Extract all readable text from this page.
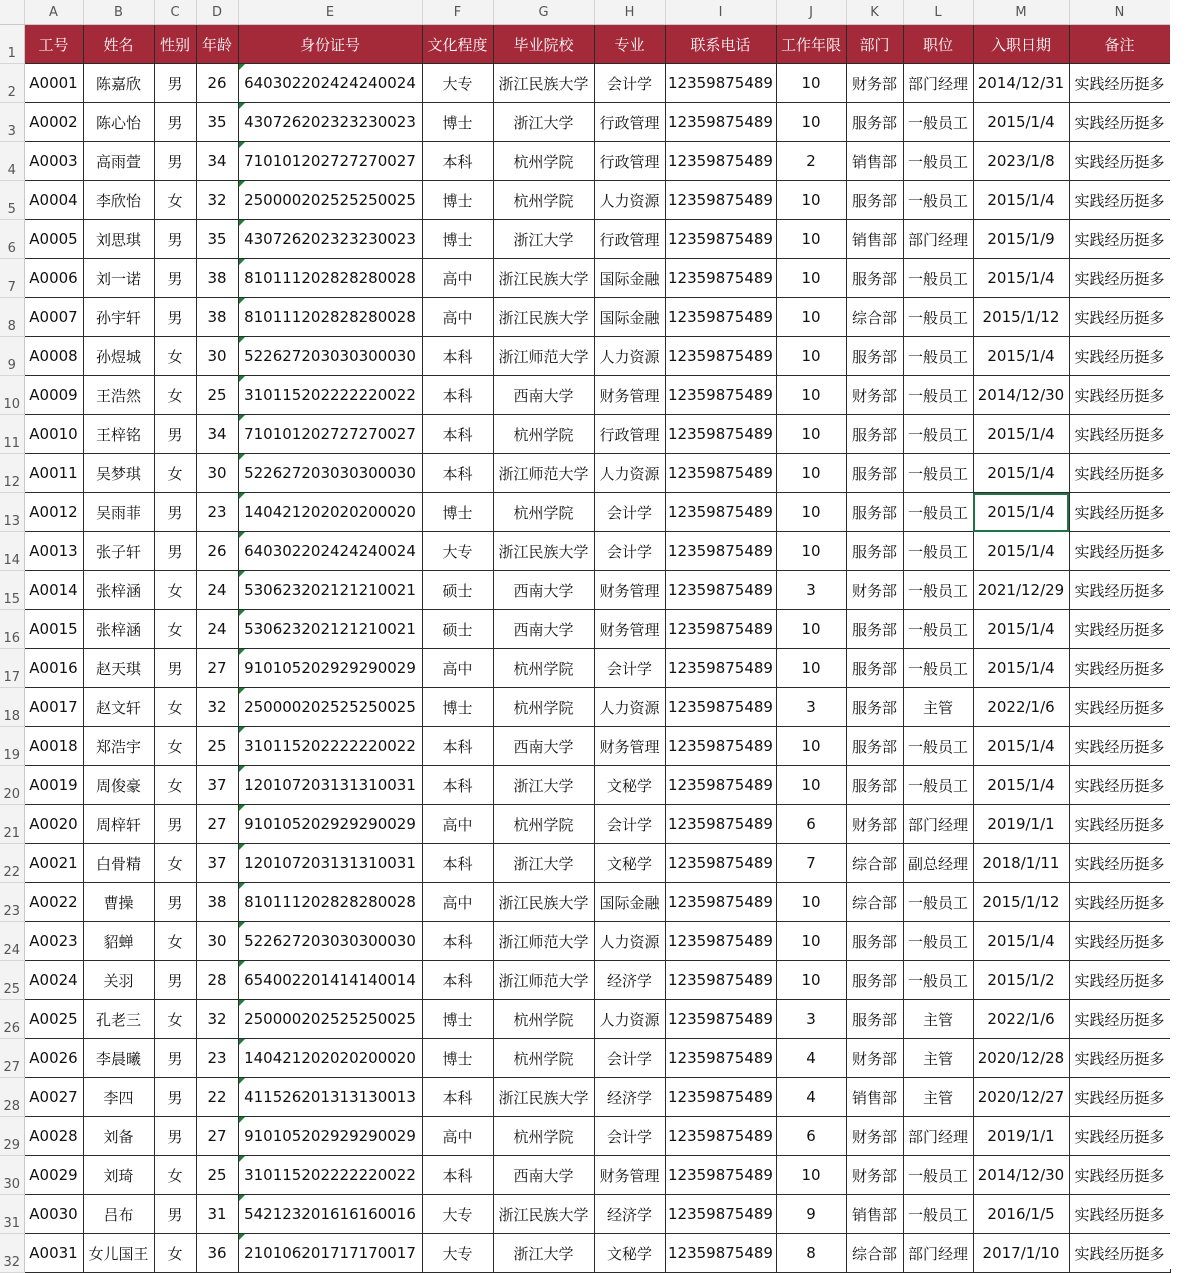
	A	B	C	D	E	F	G	H	I	J	K	L	M	N
1	工号	姓名	性别	年龄	身份证号	文化程度	毕业院校	专业	联系电话	工作年限	部门	职位	入职日期	备注
2	A0001	陈嘉欣	男	26	640302202424240024	大专	浙江民族大学	会计学	12359875489	10	财务部	部门经理	2014/12/31	实践经历挺多
3	A0002	陈心怡	男	35	430726202323230023	博士	浙江大学	行政管理	12359875489	10	服务部	一般员工	2015/1/4	实践经历挺多
4	A0003	高雨萱	男	34	710101202727270027	本科	杭州学院	行政管理	12359875489	2	销售部	一般员工	2023/1/8	实践经历挺多
5	A0004	李欣怡	女	32	250000202525250025	博士	杭州学院	人力资源	12359875489	10	服务部	一般员工	2015/1/4	实践经历挺多
6	A0005	刘思琪	男	35	430726202323230023	博士	浙江大学	行政管理	12359875489	10	销售部	部门经理	2015/1/9	实践经历挺多
7	A0006	刘一诺	男	38	810111202828280028	高中	浙江民族大学	国际金融	12359875489	10	服务部	一般员工	2015/1/4	实践经历挺多
8	A0007	孙宇轩	男	38	810111202828280028	高中	浙江民族大学	国际金融	12359875489	10	综合部	一般员工	2015/1/12	实践经历挺多
9	A0008	孙煜城	女	30	522627203030300030	本科	浙江师范大学	人力资源	12359875489	10	服务部	一般员工	2015/1/4	实践经历挺多
10	A0009	王浩然	女	25	310115202222220022	本科	西南大学	财务管理	12359875489	10	财务部	一般员工	2014/12/30	实践经历挺多
11	A0010	王梓铭	男	34	710101202727270027	本科	杭州学院	行政管理	12359875489	10	服务部	一般员工	2015/1/4	实践经历挺多
12	A0011	吴梦琪	女	30	522627203030300030	本科	浙江师范大学	人力资源	12359875489	10	服务部	一般员工	2015/1/4	实践经历挺多
13	A0012	吴雨菲	男	23	140421202020200020	博士	杭州学院	会计学	12359875489	10	服务部	一般员工	2015/1/4	实践经历挺多
14	A0013	张子轩	男	26	640302202424240024	大专	浙江民族大学	会计学	12359875489	10	服务部	一般员工	2015/1/4	实践经历挺多
15	A0014	张梓涵	女	24	530623202121210021	硕士	西南大学	财务管理	12359875489	3	财务部	一般员工	2021/12/29	实践经历挺多
16	A0015	张梓涵	女	24	530623202121210021	硕士	西南大学	财务管理	12359875489	10	服务部	一般员工	2015/1/4	实践经历挺多
17	A0016	赵天琪	男	27	910105202929290029	高中	杭州学院	会计学	12359875489	10	服务部	一般员工	2015/1/4	实践经历挺多
18	A0017	赵文轩	女	32	250000202525250025	博士	杭州学院	人力资源	12359875489	3	服务部	主管	2022/1/6	实践经历挺多
19	A0018	郑浩宇	女	25	310115202222220022	本科	西南大学	财务管理	12359875489	10	服务部	一般员工	2015/1/4	实践经历挺多
20	A0019	周俊豪	女	37	120107203131310031	本科	浙江大学	文秘学	12359875489	10	服务部	一般员工	2015/1/4	实践经历挺多
21	A0020	周梓轩	男	27	910105202929290029	高中	杭州学院	会计学	12359875489	6	财务部	部门经理	2019/1/1	实践经历挺多
22	A0021	白骨精	女	37	120107203131310031	本科	浙江大学	文秘学	12359875489	7	综合部	副总经理	2018/1/11	实践经历挺多
23	A0022	曹操	男	38	810111202828280028	高中	浙江民族大学	国际金融	12359875489	10	综合部	一般员工	2015/1/12	实践经历挺多
24	A0023	貂蝉	女	30	522627203030300030	本科	浙江师范大学	人力资源	12359875489	10	服务部	一般员工	2015/1/4	实践经历挺多
25	A0024	关羽	男	28	654002201414140014	本科	浙江师范大学	经济学	12359875489	10	服务部	一般员工	2015/1/2	实践经历挺多
26	A0025	孔老三	女	32	250000202525250025	博士	杭州学院	人力资源	12359875489	3	服务部	主管	2022/1/6	实践经历挺多
27	A0026	李晨曦	男	23	140421202020200020	博士	杭州学院	会计学	12359875489	4	财务部	主管	2020/12/28	实践经历挺多
28	A0027	李四	男	22	411526201313130013	本科	浙江民族大学	经济学	12359875489	4	销售部	主管	2020/12/27	实践经历挺多
29	A0028	刘备	男	27	910105202929290029	高中	杭州学院	会计学	12359875489	6	财务部	部门经理	2019/1/1	实践经历挺多
30	A0029	刘琦	女	25	310115202222220022	本科	西南大学	财务管理	12359875489	10	财务部	一般员工	2014/12/30	实践经历挺多
31	A0030	吕布	男	31	542123201616160016	大专	浙江民族大学	经济学	12359875489	9	销售部	一般员工	2016/1/5	实践经历挺多
32	A0031	女儿国王	女	36	210106201717170017	大专	浙江大学	文秘学	12359875489	8	综合部	部门经理	2017/1/10	实践经历挺多
